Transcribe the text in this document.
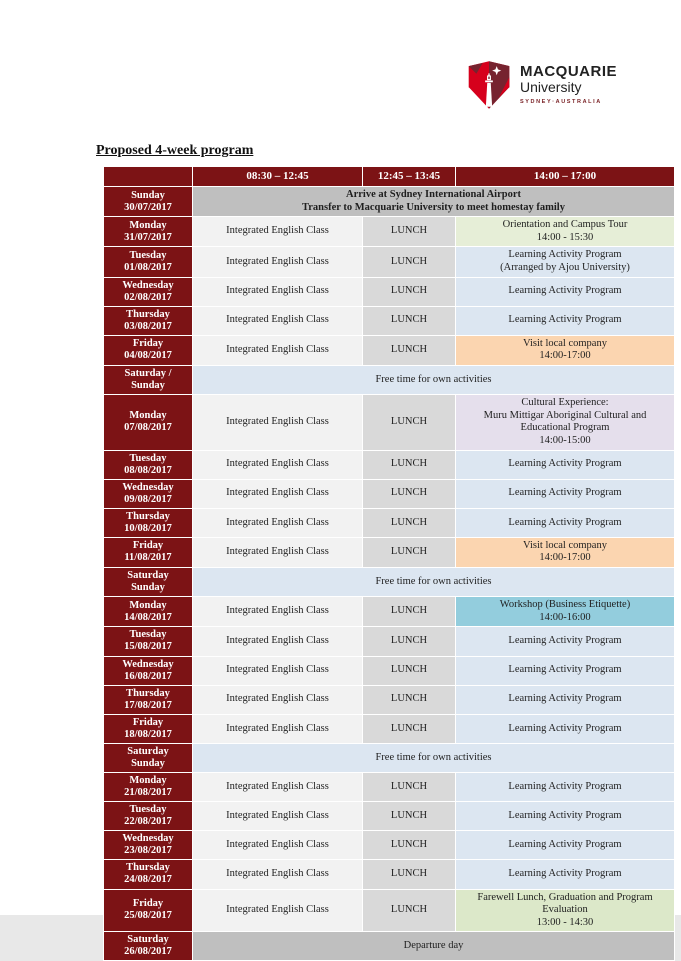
MACQUARIE
University
SYDNEY·AUSTRALIA
Proposed 4-week program
	08:30 – 12:45	12:45 – 13:45	14:00 – 17:00
Sunday
30/07/2017	Arrive at Sydney International Airport
Transfer to Macquarie University to meet homestay family		
Monday
31/07/2017	Integrated English Class	LUNCH	Orientation and Campus Tour
14:00 - 15:30
Tuesday
01/08/2017	Integrated English Class	LUNCH	Learning Activity Program
(Arranged by Ajou University)
Wednesday
02/08/2017	Integrated English Class	LUNCH	Learning Activity Program
Thursday
03/08/2017	Integrated English Class	LUNCH	Learning Activity Program
Friday
04/08/2017	Integrated English Class	LUNCH	Visit local company
14:00-17:00
Saturday /
Sunday	Free time for own activities		
Monday
07/08/2017	Integrated English Class	LUNCH	Cultural Experience:
Muru Mittigar Aboriginal Cultural and
Educational Program
14:00-15:00
Tuesday
08/08/2017	Integrated English Class	LUNCH	Learning Activity Program
Wednesday
09/08/2017	Integrated English Class	LUNCH	Learning Activity Program
Thursday
10/08/2017	Integrated English Class	LUNCH	Learning Activity Program
Friday
11/08/2017	Integrated English Class	LUNCH	Visit local company
14:00-17:00
Saturday
Sunday	Free time for own activities		
Monday
14/08/2017	Integrated English Class	LUNCH	Workshop (Business Etiquette)
14:00-16:00
Tuesday
15/08/2017	Integrated English Class	LUNCH	Learning Activity Program
Wednesday
16/08/2017	Integrated English Class	LUNCH	Learning Activity Program
Thursday
17/08/2017	Integrated English Class	LUNCH	Learning Activity Program
Friday
18/08/2017	Integrated English Class	LUNCH	Learning Activity Program
Saturday
Sunday	Free time for own activities		
Monday
21/08/2017	Integrated English Class	LUNCH	Learning Activity Program
Tuesday
22/08/2017	Integrated English Class	LUNCH	Learning Activity Program
Wednesday
23/08/2017	Integrated English Class	LUNCH	Learning Activity Program
Thursday
24/08/2017	Integrated English Class	LUNCH	Learning Activity Program
Friday
25/08/2017	Integrated English Class	LUNCH	Farewell Lunch, Graduation and Program
Evaluation
13:00 - 14:30
Saturday
26/08/2017	Departure day		
